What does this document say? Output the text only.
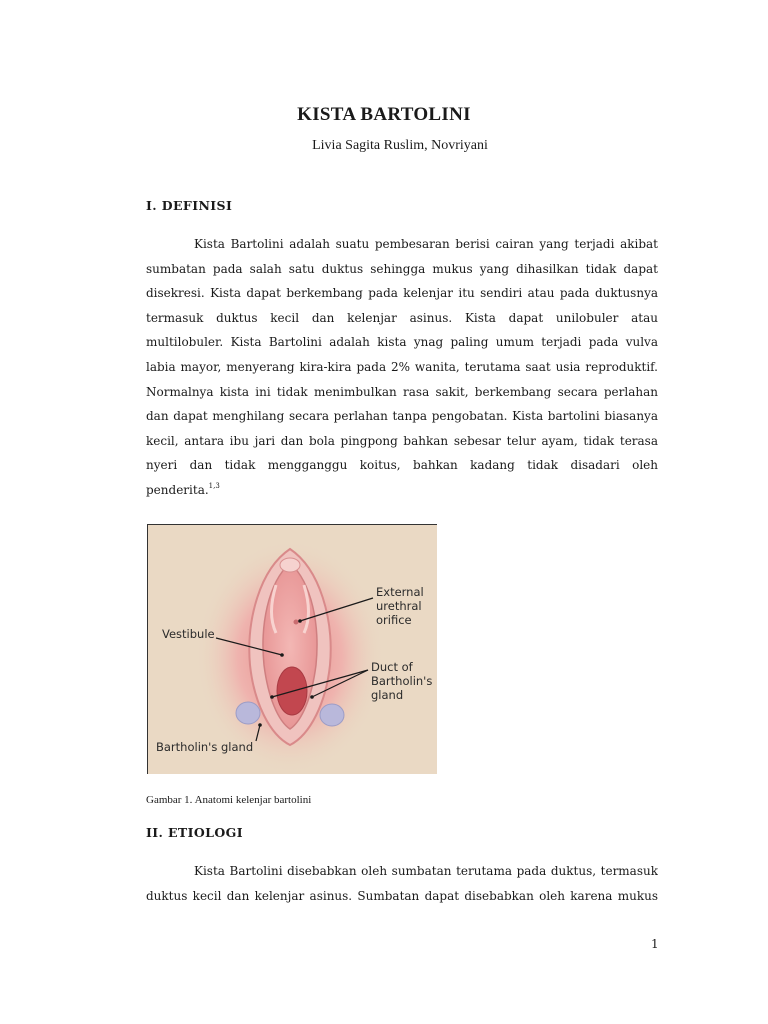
KISTA BARTOLINI
Livia Sagita Ruslim, Novriyani
I. DEFINISI
Kista Bartolini adalah suatu pembesaran berisi cairan yang terjadi akibat
sumbatan pada salah satu duktus sehingga mukus yang dihasilkan tidak dapat
disekresi. Kista dapat berkembang pada kelenjar itu sendiri atau pada duktusnya
termasuk duktus kecil dan kelenjar asinus. Kista dapat unilobuler atau
multilobuler. Kista Bartolini adalah kista ynag paling umum terjadi pada vulva
labia mayor, menyerang kira-kira pada 2% wanita, terutama saat usia reproduktif.
Normalnya kista ini tidak menimbulkan rasa sakit, berkembang secara perlahan
dan dapat menghilang secara perlahan tanpa pengobatan. Kista bartolini biasanya
kecil, antara ibu jari dan bola pingpong bahkan sebesar telur ayam, tidak terasa
nyeri dan tidak mengganggu koitus, bahkan kadang tidak disadari oleh
penderita.$^{1,3}$
External
urethral
orifice
Vestibule
Duct of
Bartholin's
gland
Bartholin's gland
Gambar 1. Anatomi kelenjar bartolini
II. ETIOLOGI
Kista Bartolini disebabkan oleh sumbatan terutama pada duktus, termasuk
duktus kecil dan kelenjar asinus. Sumbatan dapat disebabkan oleh karena mukus
1
